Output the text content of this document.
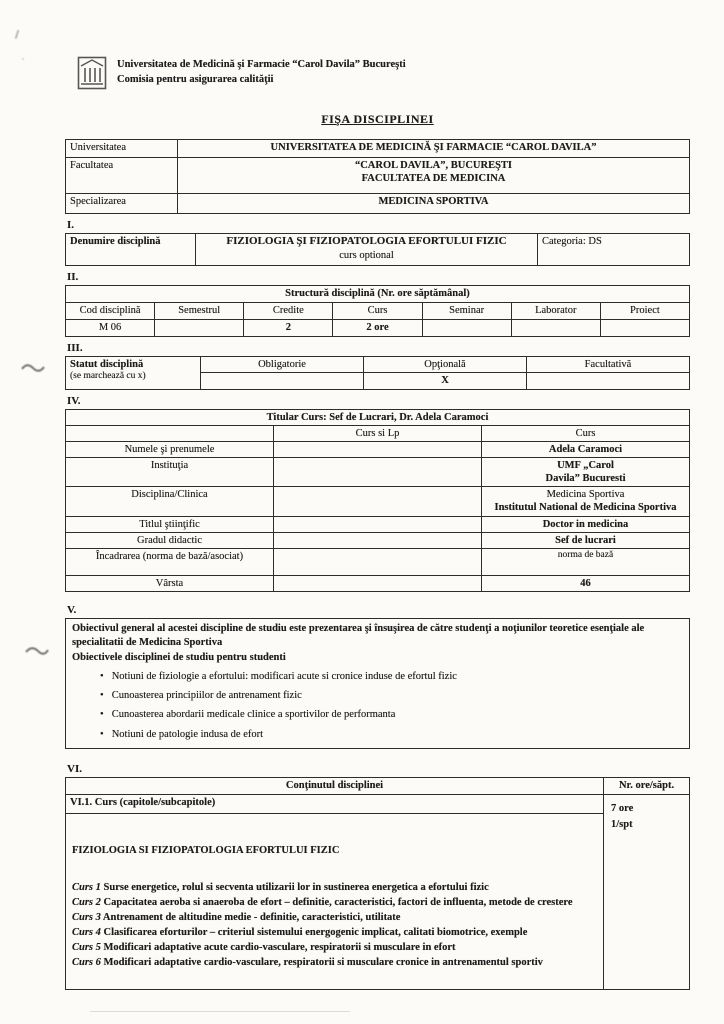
Universitatea de Medicină şi Farmacie “Carol Davila” Bucureşti
Comisia pentru asigurarea calităţii
FIŞA DISCIPLINEI
Universitatea	UNIVERSITATEA DE MEDICINĂ ŞI FARMACIE “CAROL DAVILA”
Facultatea	“CAROL DAVILA”, BUCUREŞTI
FACULTATEA DE MEDICINA

Specializarea	MEDICINA SPORTIVA
I.
Denumire disciplină	FIZIOLOGIA ŞI FIZIOPATOLOGIA EFORTULUI FIZIC
curs optional
	Categoria: DS
II.
Structură disciplină (Nr. ore săptămânal)						
Cod disciplină	Semestrul	Credite	Curs	Seminar	Laborator	Proiect
M 06		2	2 ore			
III.
Statut disciplină
(se marchează cu x)	Obligatorie	Opţională	Facultativă
		X	
IV.
Titular Curs: Sef de Lucrari, Dr. Adela Caramoci		
	Curs si Lp	Curs
Numele şi prenumele		Adela Caramoci
Instituţia		UMF „Carol
Davila” Bucuresti

Disciplina/Clinica		Medicina Sportiva
Institutul National de Medicina Sportiva

Titlul ştiinţific		Doctor in medicina
Gradul didactic		Sef de lucrari
Încadrarea (norma de bază/asociat)		norma de bază
Vârsta		46
V.
Obiectivul general al acestei discipline de studiu este prezentarea şi însuşirea de către studenţi a noţiunilor teoretice esenţiale ale specialitatii de Medicina Sportiva
Obiectivele disciplinei de studiu pentru studenti
• Notiuni de fiziologie a efortului: modificari acute si cronice induse de efortul fizic
• Cunoasterea principiilor de antrenament fizic
• Cunoasterea abordarii medicale clinice a sportivilor de performanta
• Notiuni de patologie indusa de efort
VI.
Conţinutul disciplinei	Nr. ore/săpt.
VI.1. Curs (capitole/subcapitole)	7 ore
1/spt

FIZIOLOGIA SI FIZIOPATOLOGIA EFORTULUI FIZIC
Curs 1 Surse energetice, rolul si secventa utilizarii lor in sustinerea energetica a efortului fizic
Curs 2 Capacitatea aeroba si anaeroba de efort – definitie, caracteristici, factori de influenta, metode de crestere
Curs 3 Antrenament de altitudine medie - definitie, caracteristici, utilitate
Curs 4 Clasificarea eforturilor – criteriul sistemului energogenic implicat, calitati biomotrice, exemple
Curs 5 Modificari adaptative acute cardio-vasculare, respiratorii si musculare in efort
Curs 6 Modificari adaptative cardio-vasculare, respiratorii si musculare cronice in antrenamentul sportiv
